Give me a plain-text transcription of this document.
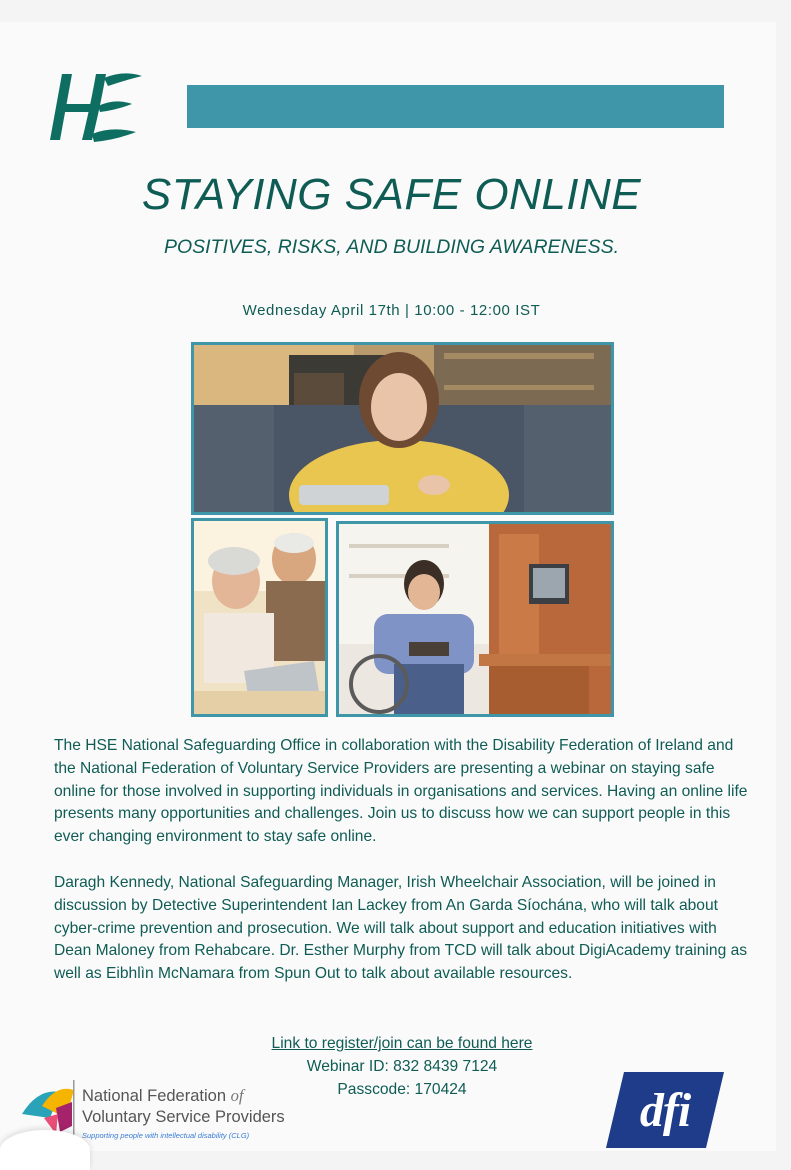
STAYING SAFE ONLINE
POSITIVES, RISKS, AND BUILDING AWARENESS.
Wednesday April 17th | 10:00 - 12:00 IST
The HSE National Safeguarding Office in collaboration with the Disability Federation of Ireland and the National Federation of Voluntary Service Providers are presenting a webinar on staying safe online for those involved in supporting individuals in organisations and services. Having an online life presents many opportunities and challenges. Join us to discuss how we can support people in this ever changing environment to stay safe online.
Daragh Kennedy, National Safeguarding Manager, Irish Wheelchair Association, will be joined in discussion by Detective Superintendent Ian Lackey from An Garda Síochána, who will talk about cyber-crime prevention and prosecution. We will talk about support and education initiatives with Dean Maloney from Rehabcare. Dr. Esther Murphy from TCD will talk about DigiAcademy training as well as Eibhlìn McNamara from Spun Out to talk about available resources.
Link to register/join can be found here
Webinar ID: 832 8439 7124
Passcode: 170424
National Federation of
Voluntary Service Providers
Supporting people with intellectual disability (CLG)	dfi
